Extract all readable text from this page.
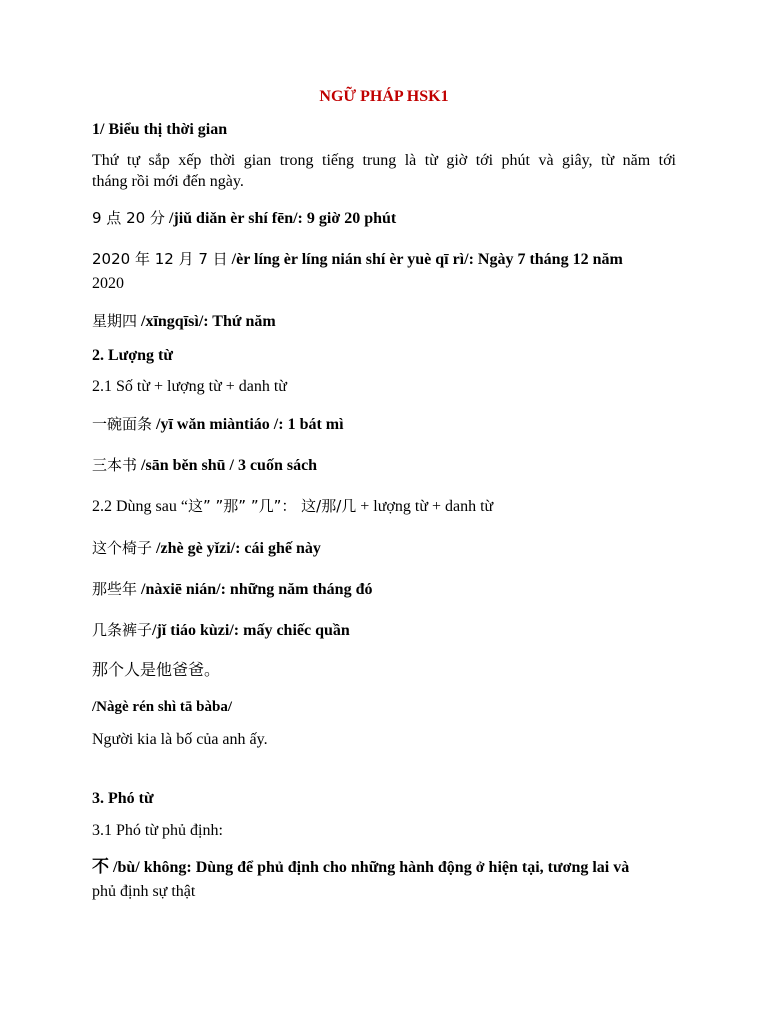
NGỮ PHÁP HSK1
1/ Biểu thị thời gian
Thứ tự sắp xếp thời gian trong tiếng trung là từ giờ tới phút và giây, từ năm tới
tháng rồi mới đến ngày.
9 点 20 分 /jiǔ diǎn èr shí fēn/: 9 giờ 20 phút
2020 年 12 月 7 日 /èr líng èr líng nián shí èr yuè qī rì/: Ngày 7 tháng 12 năm
2020
星期四 /xīngqīsì/: Thứ năm
2. Lượng từ
2.1 Số từ + lượng từ + danh từ
一碗面条 /yī wǎn miàntiáo /: 1 bát mì
三本书 /sān běn shū / 3 cuốn sách
2.2 Dùng sau “这” ”那” ”几”： 这/那/几 + lượng từ + danh từ
这个椅子 /zhè gè yǐzi/: cái ghế này
那些年 /nàxiē nián/: những năm tháng đó
几条裤子/jǐ tiáo kùzi/: mấy chiếc quần
那个人是他爸爸。
/Nàgè rén shì tā bàba/
Người kia là bố của anh ấy.
3. Phó từ
3.1 Phó từ phủ định:
不 /bù/ không: Dùng để phủ định cho những hành động ở hiện tại, tương lai và
phủ định sự thật
